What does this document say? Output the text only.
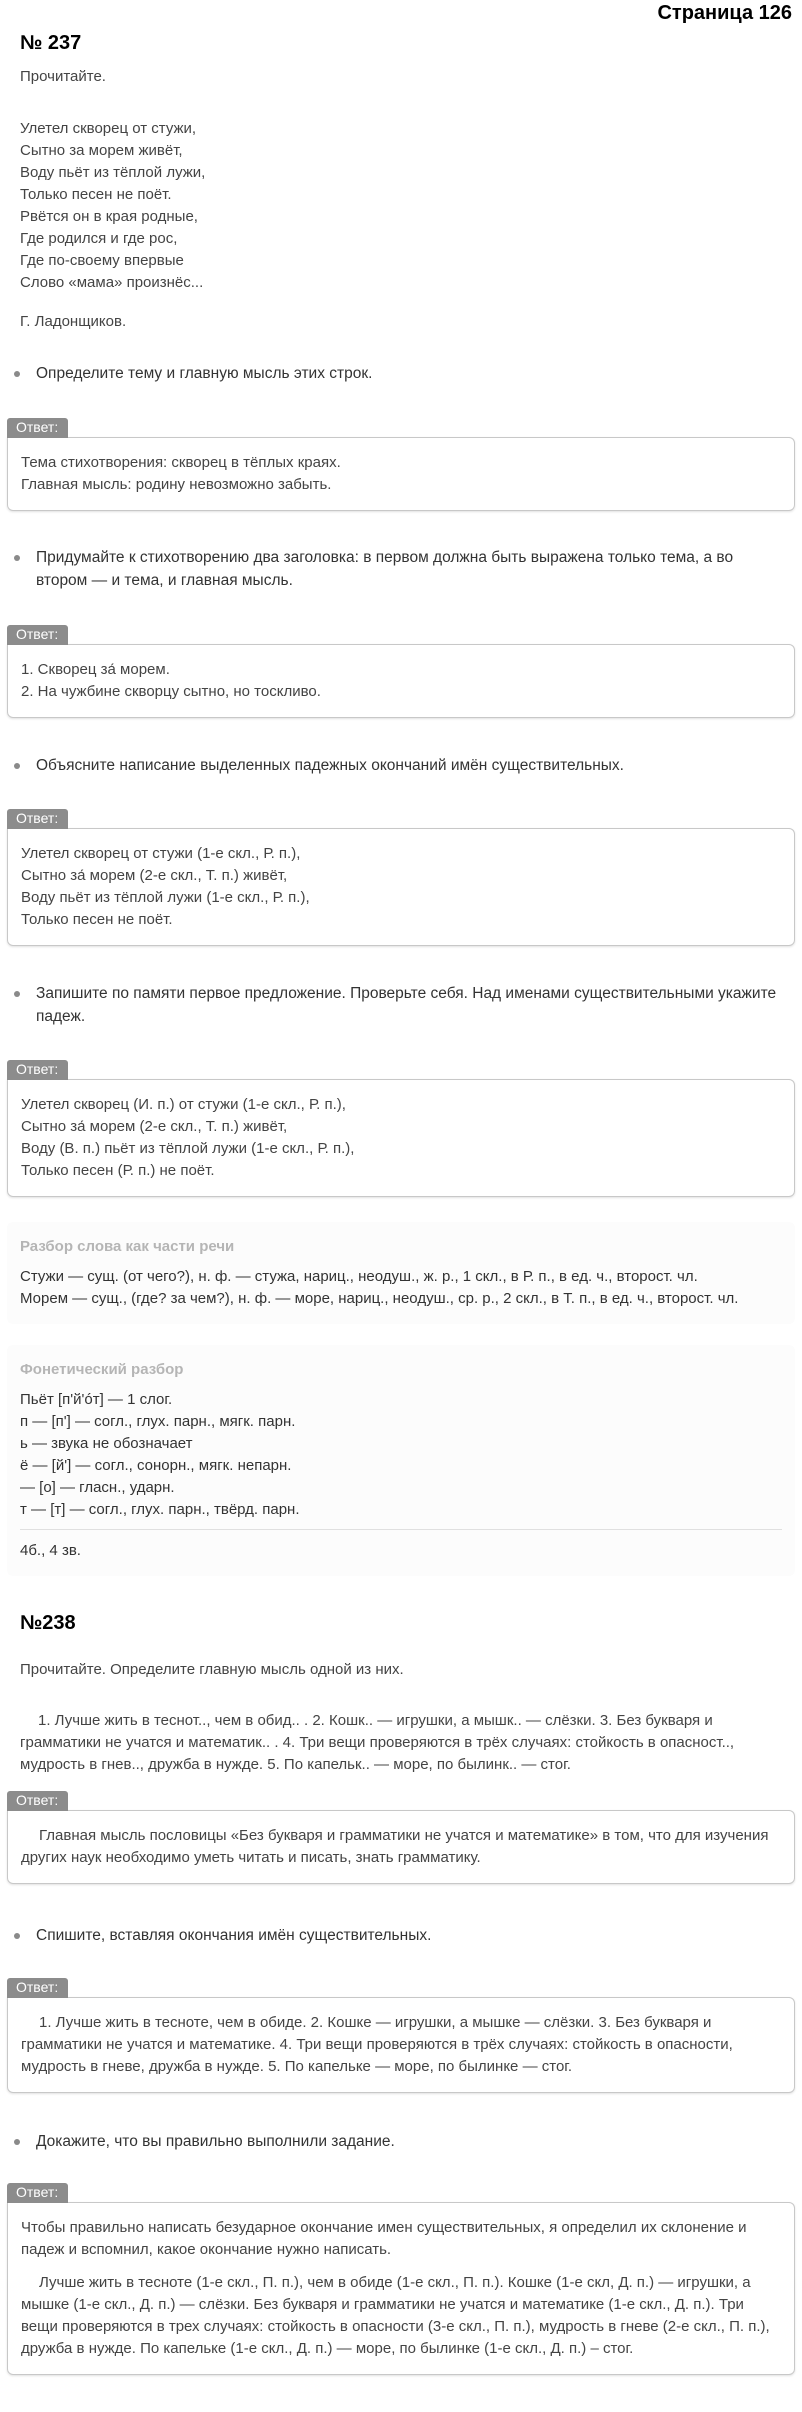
Страница 126
№ 237

Прочитайте.

Улетел скворец от стужи,
Сытно за морем живёт,
Воду пьёт из тёплой лужи,
Только песен не поёт.
Рвётся он в края родные,
Где родился и где рос,
Где по-своему впервые
Слово «мама» произнёс...

Г. Ладонщиков.

Определите тему и главную мысль этих строк.
Ответ:
Тема стихотворения: скворец в тёплых краях.
Главная мысль: родину невозможно забыть.
Придумайте к стихотворению два заголовка: в первом должна быть выражена только тема, а во втором — и тема, и главная мысль.
Ответ:
1. Скворец за́ морем.
2. На чужбине скворцу сытно, но тоскливо.
Объясните написание выделенных падежных окончаний имён существительных.
Ответ:
Улетел скворец от стужи (1-е скл., Р. п.),
Сытно за́ морем (2-е скл., Т. п.) живёт,
Воду пьёт из тёплой лужи (1-е скл., Р. п.),
Только песен не поёт.
Запишите по памяти первое предложение. Проверьте себя. Над именами существительными укажите падеж.
Ответ:
Улетел скворец (И. п.) от стужи (1-е скл., Р. п.),
Сытно за́ морем (2-е скл., Т. п.) живёт,
Воду (В. п.) пьёт из тёплой лужи (1-е скл., Р. п.),
Только песен (Р. п.) не поёт.

Разбор слова как части речи

Стужи — сущ. (от чего?), н. ф. — стужа, нариц., неодуш., ж. р., 1 скл., в Р. п., в ед. ч., второст. чл.
Морем — сущ., (где? за чем?), н. ф. — море, нариц., неодуш., ср. р., 2 скл., в Т. п., в ед. ч., второст. чл.

Фонетический разбор

Пьёт [п'й'óт] — 1 слог.
п — [п'] — согл., глух. парн., мягк. парн.
ь — звука не обозначает
ё — [й'] — согл., сонорн., мягк. непарн.
— [о] — гласн., ударн.
т — [т] — согл., глух. парн., твёрд. парн.
4б., 4 зв.
№238

Прочитайте. Определите главную мысль одной из них.

1. Лучше жить в теснот.., чем в обид.. . 2. Кошк.. — игрушки, а мышк.. — слёзки. 3. Без букваря и грамматики не учатся и математик.. . 4. Три вещи проверяются в трёх случаях: стойкость в опасност.., мудрость в гнев.., дружба в нужде. 5. По капельк.. — море, по былинк.. — стог.

Ответ:
Главная мысль пословицы «Без букваря и грамматики не учатся и математике» в том, что для изучения других наук необходимо уметь читать и писать, знать грамматику.
Спишите, вставляя окончания имён существительных.
Ответ:
1. Лучше жить в тесноте, чем в обиде. 2. Кошке — игрушки, а мышке — слёзки. 3. Без букваря и грамматики не учатся и математике. 4. Три вещи проверяются в трёх случаях: стойкость в опасности, мудрость в гневе, дружба в нужде. 5. По капельке — море, по былинке — стог.
Докажите, что вы правильно выполнили задание.
Ответ:

Чтобы правильно написать безударное окончание имен существительных, я определил их склонение и падеж и вспомнил, какое окончание нужно написать.

Лучше жить в тесноте (1-е скл., П. п.), чем в обиде (1-е скл., П. п.). Кошке (1-е скл, Д. п.) — игрушки, а мышке (1-е скл., Д. п.) — слёзки. Без букваря и грамматики не учатся и математике (1-е скл., Д. п.). Три вещи проверяются в трех случаях: стойкость в опасности (3-е скл., П. п.), мудрость в гневе (2-е скл., П. п.), дружба в нужде. По капельке (1-е скл., Д. п.) — море, по былинке (1-е скл., Д. п.) – стог.
